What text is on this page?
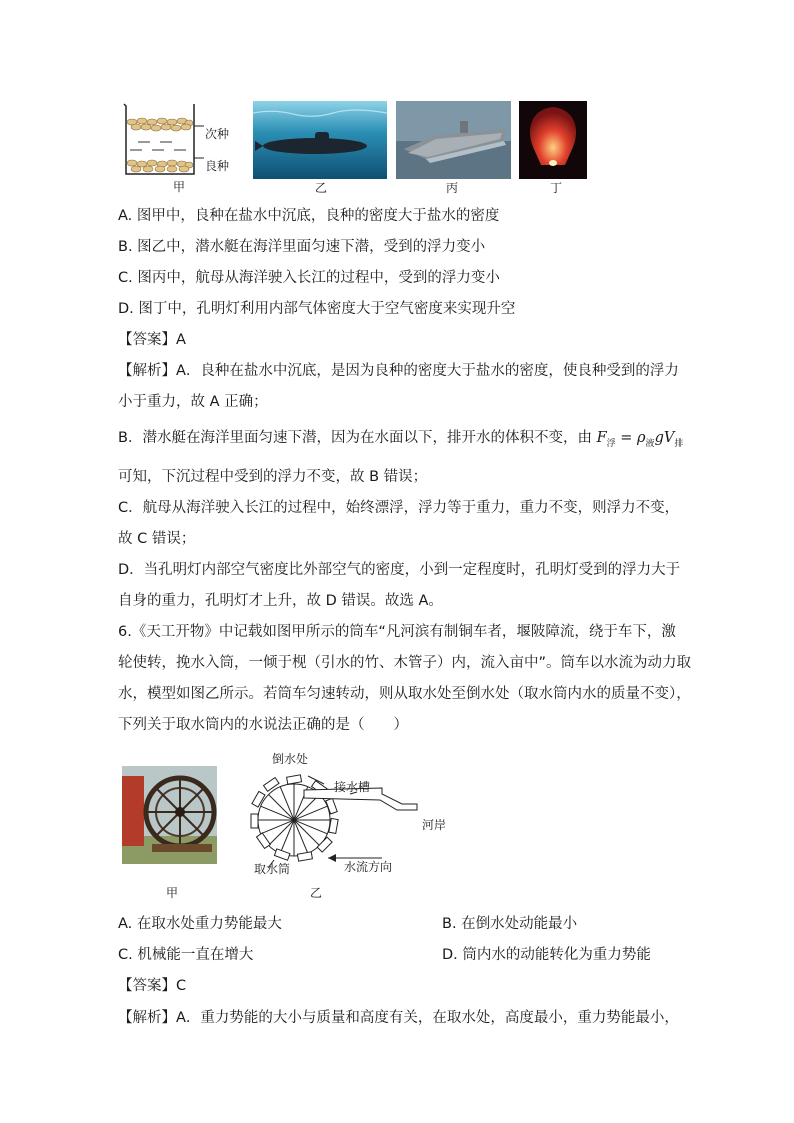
次种
良种
甲	乙	丙	丁
A. 图甲中，良种在盐水中沉底，良种的密度大于盐水的密度
B. 图乙中，潜水艇在海洋里面匀速下潜，受到的浮力变小
C. 图丙中，航母从海洋驶入长江的过程中，受到的浮力变小
D. 图丁中，孔明灯利用内部气体密度大于空气密度来实现升空
【答案】A
【解析】A．良种在盐水中沉底，是因为良种的密度大于盐水的密度，使良种受到的浮力
小于重力，故 A 正确；
B．潜水艇在海洋里面匀速下潜，因为在水面以下，排开水的体积不变，由 $F_浮 = \rho_液gV_排$
可知，下沉过程中受到的浮力不变，故 B 错误；
C．航母从海洋驶入长江的过程中，始终漂浮，浮力等于重力，重力不变，则浮力不变，
故 C 错误；
D．当孔明灯内部空气密度比外部空气的密度，小到一定程度时，孔明灯受到的浮力大于
自身的重力，孔明灯才上升，故 D 错误。故选 A。
6.《天工开物》中记载如图甲所示的筒车“凡河滨有制铜车者，堰陂障流，绕于车下，激
轮使转，挽水入筒，一倾于枧（引水的竹、木管子）内，流入亩中”。筒车以水流为动力取
水，模型如图乙所示。若筒车匀速转动，则从取水处至倒水处（取水筒内水的质量不变），
下列关于取水筒内的水说法正确的是（　　）
甲
倒水处
接水槽
河岸
取水筒	水流方向
乙
A. 在取水处重力势能最大	B. 在倒水处动能最小
C. 机械能一直在增大	D. 筒内水的动能转化为重力势能
【答案】C
【解析】A．重力势能的大小与质量和高度有关，在取水处，高度最小，重力势能最小，
